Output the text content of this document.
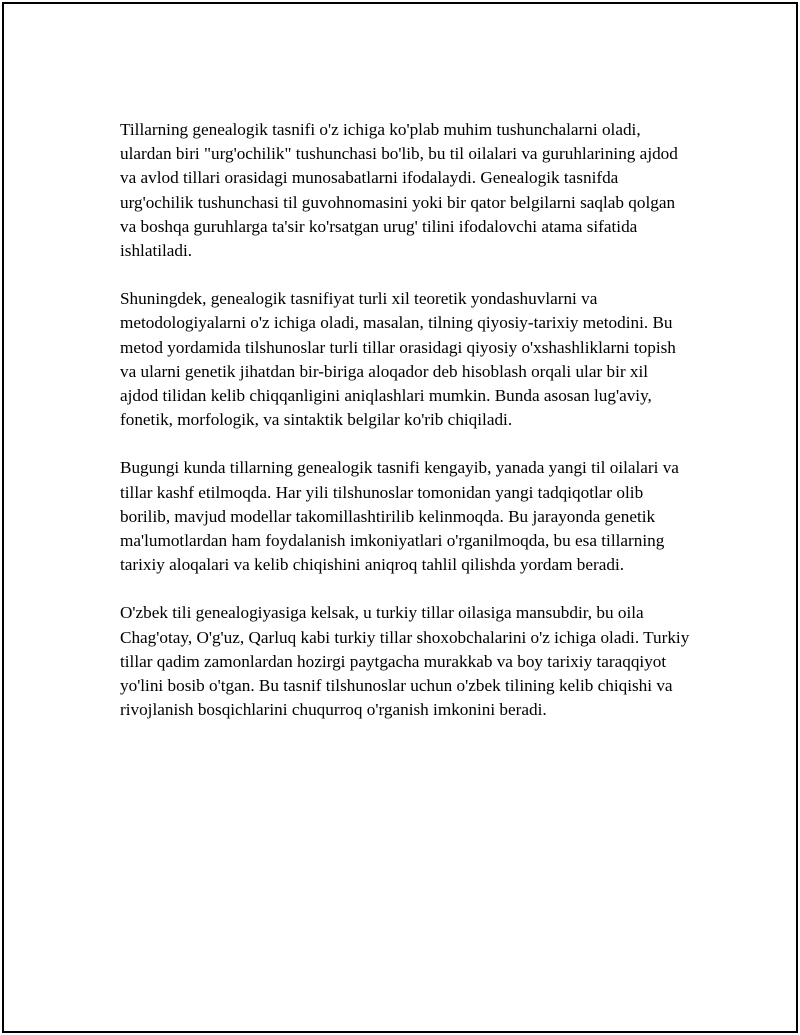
Tillarning genealogik tasnifi o'z ichiga ko'plab muhim tushunchalarni oladi, ulardan biri "urg'ochilik" tushunchasi bo'lib, bu til oilalari va guruhlarining ajdod va avlod tillari orasidagi munosabatlarni ifodalaydi. Genealogik tasnifda urg'ochilik tushunchasi til guvohnomasini yoki bir qator belgilarni saqlab qolgan va boshqa guruhlarga ta'sir ko'rsatgan urug' tilini ifodalovchi atama sifatida ishlatiladi.

Shuningdek, genealogik tasnifiyat turli xil teoretik yondashuvlarni va metodologiyalarni o'z ichiga oladi, masalan, tilning qiyosiy-tarixiy metodini. Bu metod yordamida tilshunoslar turli tillar orasidagi qiyosiy o'xshashliklarni topish va ularni genetik jihatdan bir-biriga aloqador deb hisoblash orqali ular bir xil ajdod tilidan kelib chiqqanligini aniqlashlari mumkin. Bunda asosan lug'aviy, fonetik, morfologik, va sintaktik belgilar ko'rib chiqiladi.

Bugungi kunda tillarning genealogik tasnifi kengayib, yanada yangi til oilalari va tillar kashf etilmoqda. Har yili tilshunoslar tomonidan yangi tadqiqotlar olib borilib, mavjud modellar takomillashtirilib kelinmoqda. Bu jarayonda genetik ma'lumotlardan ham foydalanish imkoniyatlari o'rganilmoqda, bu esa tillarning tarixiy aloqalari va kelib chiqishini aniqroq tahlil qilishda yordam beradi.

O'zbek tili genealogiyasiga kelsak, u turkiy tillar oilasiga mansubdir, bu oila Chag'otay, O'g'uz, Qarluq kabi turkiy tillar shoxobchalarini o'z ichiga oladi. Turkiy tillar qadim zamonlardan hozirgi paytgacha murakkab va boy tarixiy taraqqiyot yo'lini bosib o'tgan. Bu tasnif tilshunoslar uchun o'zbek tilining kelib chiqishi va rivojlanish bosqichlarini chuqurroq o'rganish imkonini beradi.
